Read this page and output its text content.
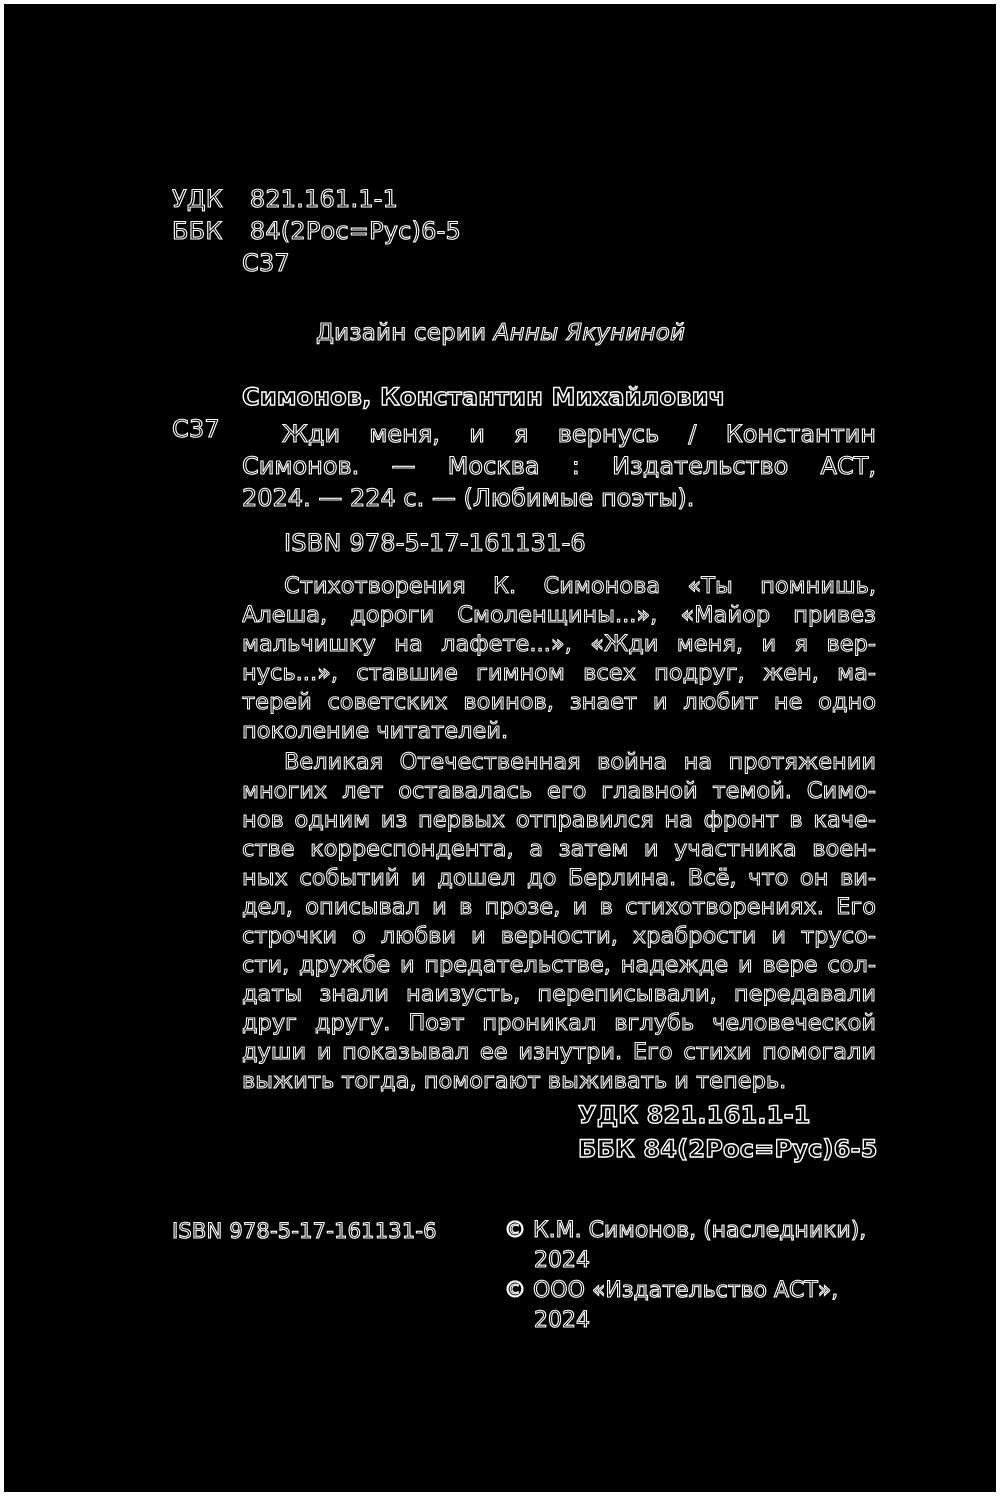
УДК 821.161.1-1
ББК 84(2Рос=Рус)6-5
С37
Дизайн серии Анны Якуниной
Симонов, Константин Михайлович
С37	Жди меня, и я вернусь / Константин
Симонов. — Москва : Издательство АСТ,
2024. — 224 с. — (Любимые поэты).
ISBN 978-5-17-161131-6
Стихотворения К. Симонова «Ты помнишь,
Алеша, дороги Смоленщины...», «Майор привез
мальчишку на лафете...», «Жди меня, и я вер-
нусь...», ставшие гимном всех подруг, жен, ма-
терей советских воинов, знает и любит не одно
поколение читателей.
Великая Отечественная война на протяжении
многих лет оставалась его главной темой. Симо-
нов одним из первых отправился на фронт в каче-
стве корреспондента, а затем и участника воен-
ных событий и дошел до Берлина. Всё, что он ви-
дел, описывал и в прозе, и в стихотворениях. Его
строчки о любви и верности, храбрости и трусо-
сти, дружбе и предательстве, надежде и вере сол-
даты знали наизусть, переписывали, передавали
друг другу. Поэт проникал вглубь человеческой
души и показывал ее изнутри. Его стихи помогали
выжить тогда, помогают выживать и теперь.
УДК 821.161.1-1
ББК 84(2Рос=Рус)6-5
ISBN 978-5-17-161131-6	© К.М. Симонов, (наследники),
2024
© ООО «Издательство АСТ»,
2024
